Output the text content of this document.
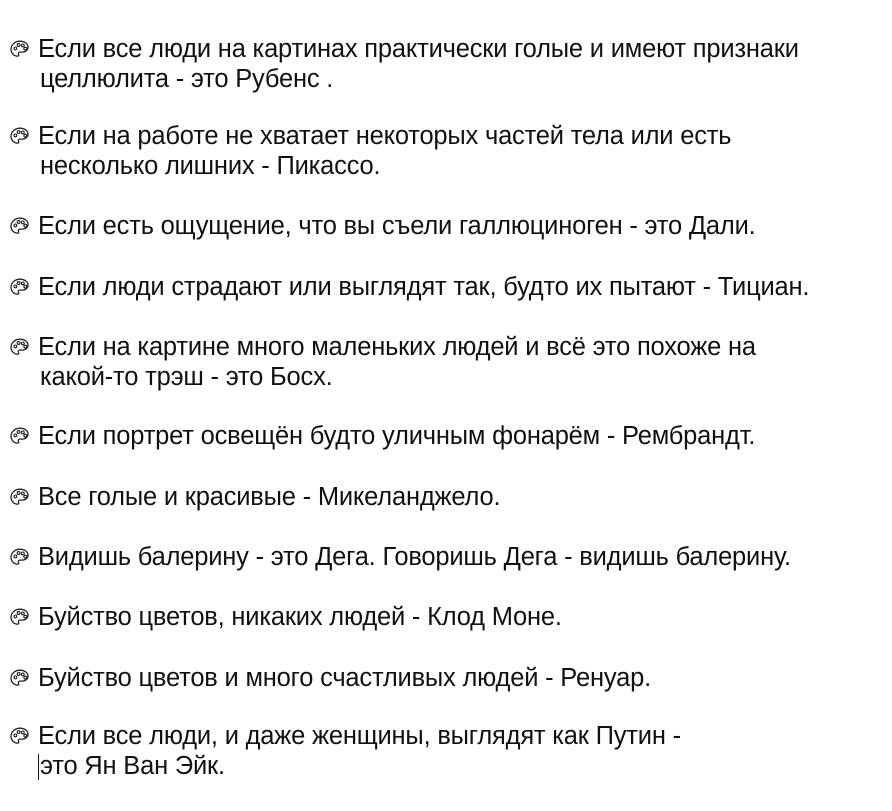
Если все люди на картинах практически голые и имеют признаки
целлюлита - это Рубенс .
Если на работе не хватает некоторых частей тела или есть
несколько лишних - Пикассо.
Если есть ощущение, что вы съели галлюциноген - это Дали.
Если люди страдают или выглядят так, будто их пытают - Тициан.
Если на картине много маленьких людей и всё это похоже на
какой-то трэш - это Босх.
Если портрет освещён будто уличным фонарём - Рембрандт.
Все голые и красивые - Микеланджело.
Видишь балерину - это Дега. Говоришь Дега - видишь балерину.
Буйство цветов, никаких людей - Клод Моне.
Буйство цветов и много счастливых людей - Ренуар.
Если все люди, и даже женщины, выглядят как Путин -
это Ян Ван Эйк.
